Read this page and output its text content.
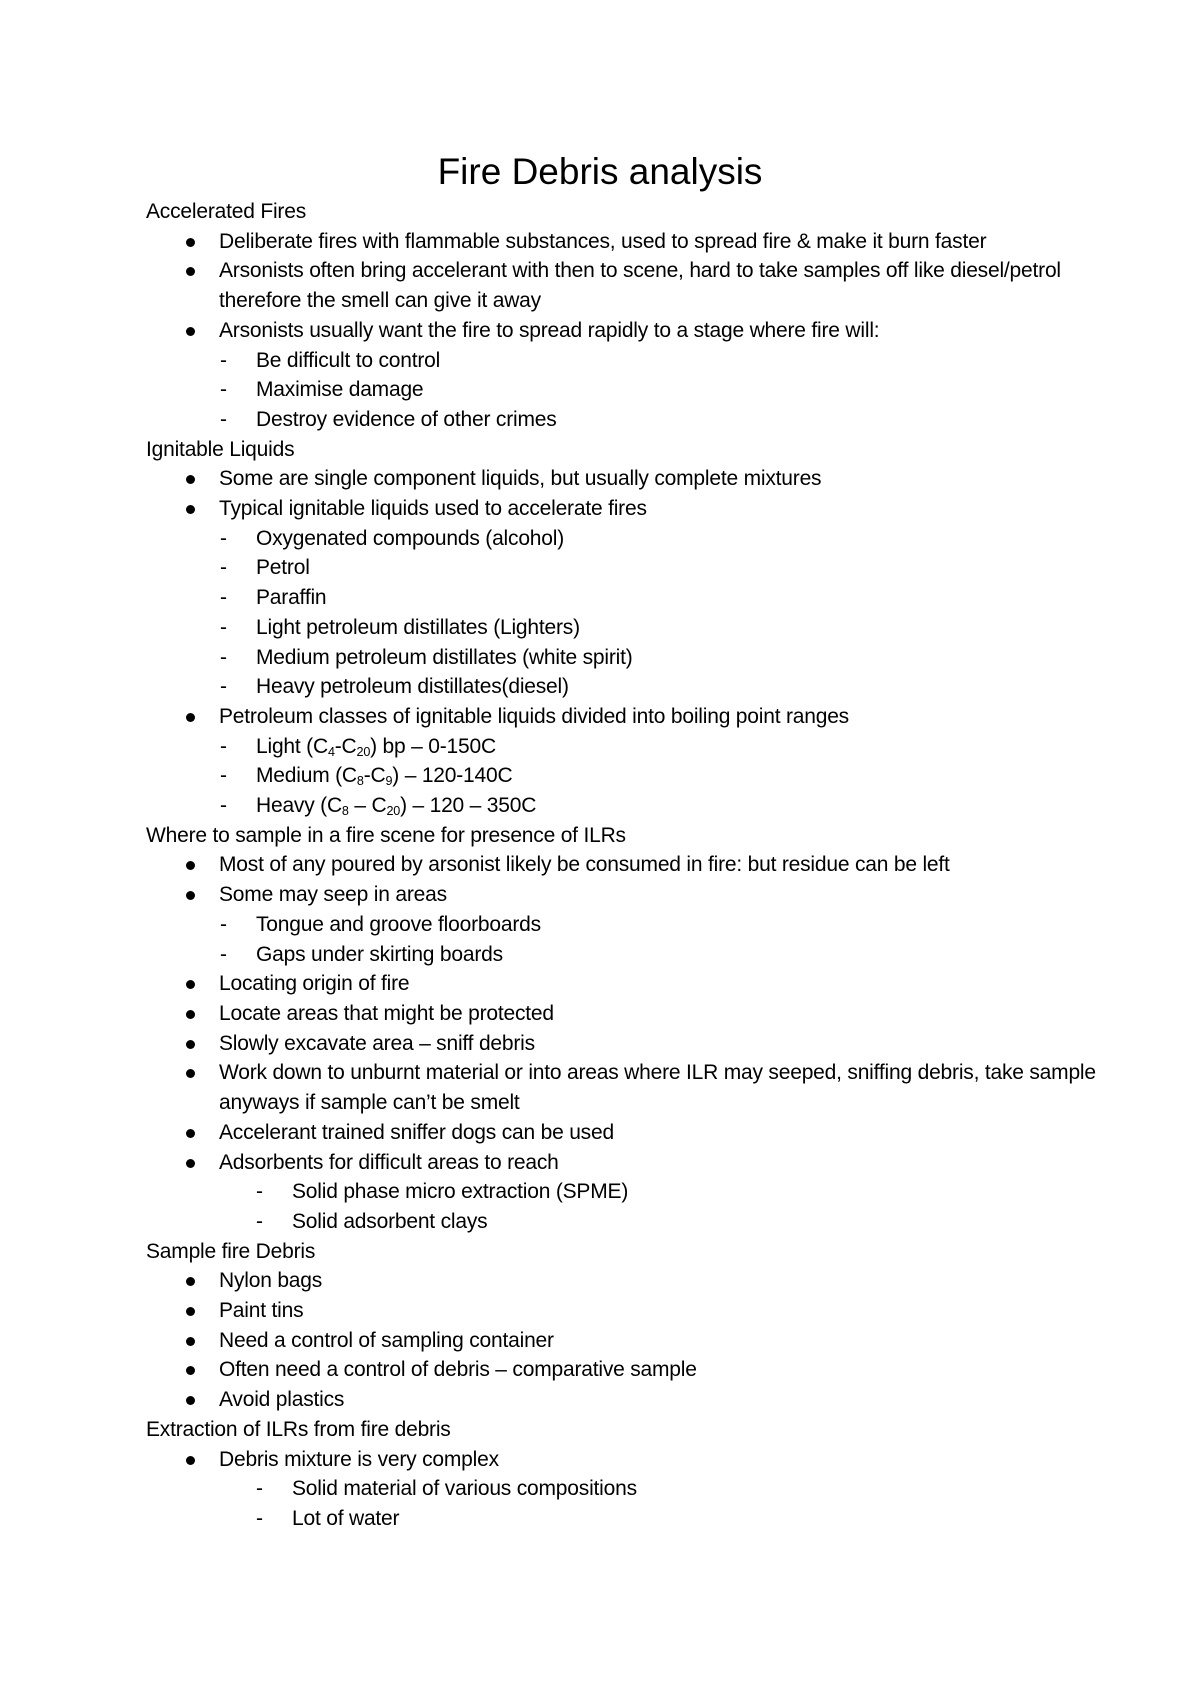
Fire Debris analysis
Accelerated Fires
Deliberate fires with flammable substances, used to spread fire & make it burn faster
Arsonists often bring accelerant with then to scene, hard to take samples off like diesel/petrol therefore the smell can give it away
Arsonists usually want the fire to spread rapidly to a stage where fire will:
- Be difficult to control
- Maximise damage
- Destroy evidence of other crimes
Ignitable Liquids
Some are single component liquids, but usually complete mixtures
Typical ignitable liquids used to accelerate fires
- Oxygenated compounds (alcohol)
- Petrol
- Paraffin
- Light petroleum distillates (Lighters)
- Medium petroleum distillates (white spirit)
- Heavy petroleum distillates(diesel)
Petroleum classes of ignitable liquids divided into boiling point ranges
- Light $(C_4-C_{20})$ bp – 0-150C
- Medium $(C_8-C_9) - 120-140C$
- Heavy $(C_8 - C_{20}) - 120 - 350C$
Where to sample in a fire scene for presence of ILRs
Most of any poured by arsonist likely be consumed in fire: but residue can be left
Some may seep in areas
- Tongue and groove floorboards
- Gaps under skirting boards
Locating origin of fire
Locate areas that might be protected
Slowly excavate area – sniff debris
Work down to unburnt material or into areas where ILR may seeped, sniffing debris, take sample anyways if sample can’t be smelt
Accelerant trained sniffer dogs can be used
Adsorbents for difficult areas to reach
- Solid phase micro extraction (SPME)
- Solid adsorbent clays
Sample fire Debris
Nylon bags
Paint tins
Need a control of sampling container
Often need a control of debris – comparative sample
Avoid plastics
Extraction of ILRs from fire debris
Debris mixture is very complex
- Solid material of various compositions
- Lot of water
